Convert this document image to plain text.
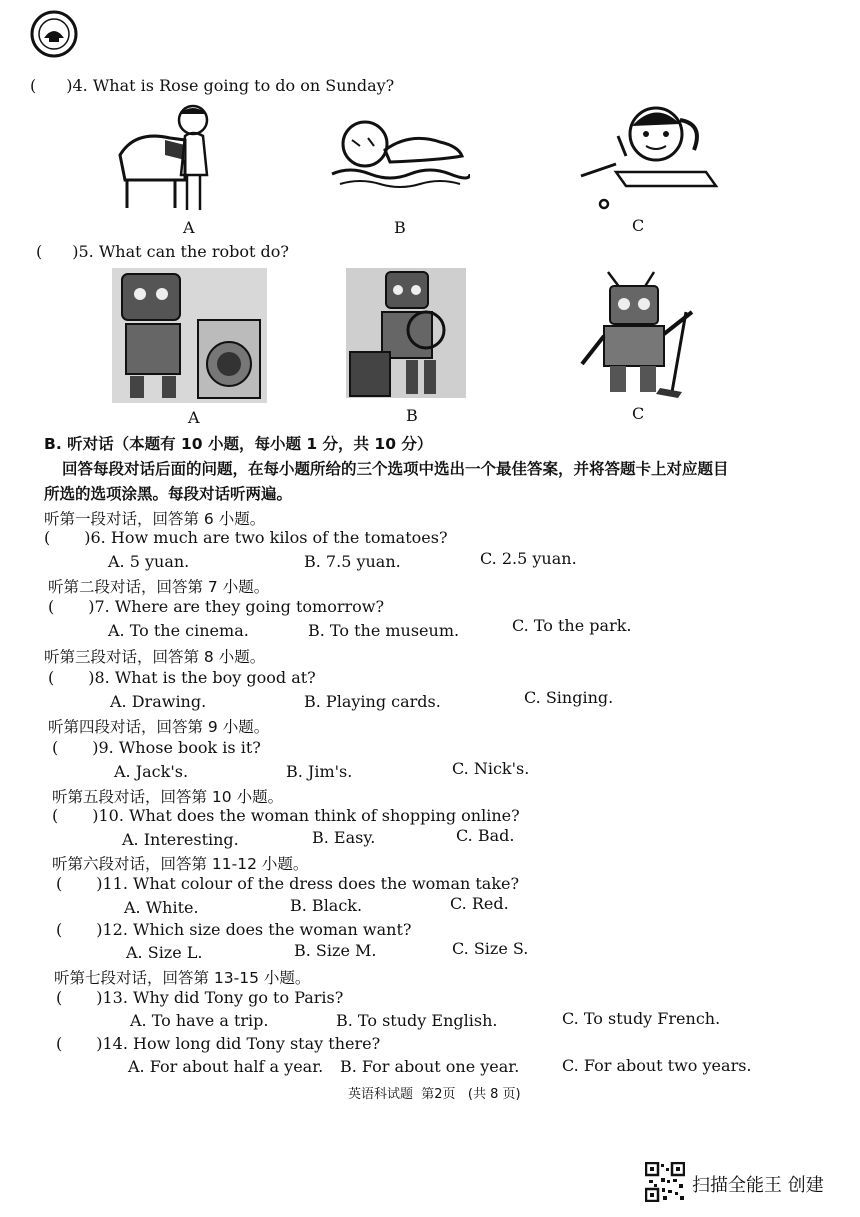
( )4. What is Rose going to do on Sunday?
A	B	C
( )5. What can the robot do?
A	B	C
B. 听对话（本题有 10 小题，每小题 1 分，共 10 分）
回答每段对话后面的问题，在每小题所给的三个选项中选出一个最佳答案，并将答题卡上对应题目
所选的选项涂黑。每段对话听两遍。
听第一段对话，回答第 6 小题。
( )6. How much are two kilos of the tomatoes?
A. 5 yuan.	B. 7.5 yuan.	C. 2.5 yuan.
听第二段对话，回答第 7 小题。
( )7. Where are they going tomorrow?
A. To the cinema.	B. To the museum.	C. To the park.
听第三段对话，回答第 8 小题。
( )8. What is the boy good at?
A. Drawing.	B. Playing cards.	C. Singing.
听第四段对话，回答第 9 小题。
( )9. Whose book is it?
A. Jack's.	B. Jim's.	C. Nick's.
听第五段对话，回答第 10 小题。
( )10. What does the woman think of shopping online?
A. Interesting.	B. Easy.	C. Bad.
听第六段对话，回答第 11-12 小题。
( )11. What colour of the dress does the woman take?
A. White.	B. Black.	C. Red.
( )12. Which size does the woman want?
A. Size L.	B. Size M.	C. Size S.
听第七段对话，回答第 13-15 小题。
( )13. Why did Tony go to Paris?
A. To have a trip.	B. To study English.	C. To study French.
( )14. How long did Tony stay there?
A. For about half a year. B. For about one year.	C. For about two years.
英语科试题  第2页   (共 8 页)
扫描全能王 创建
